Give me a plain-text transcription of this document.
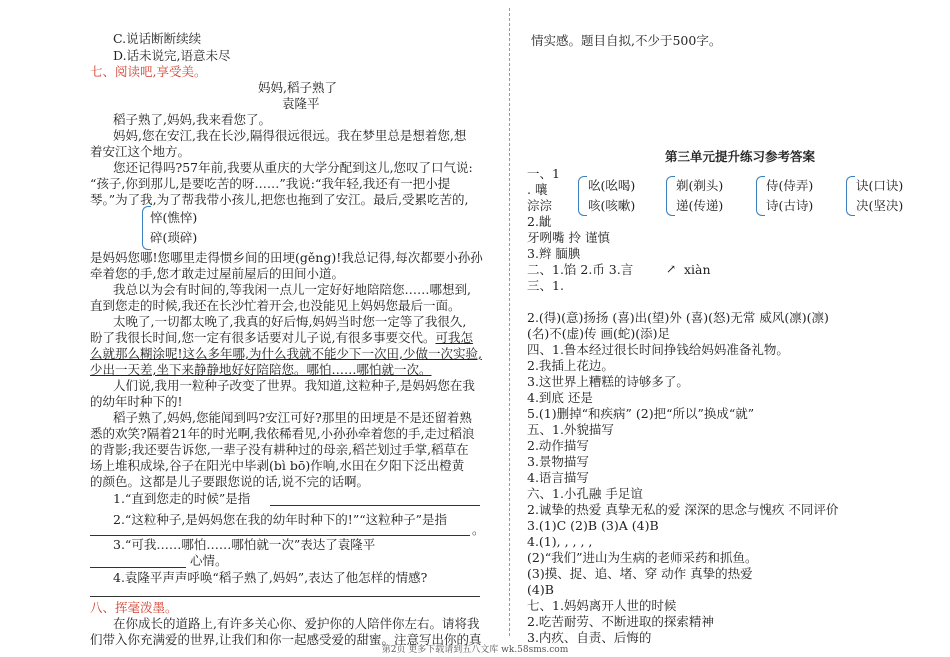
C.说话断断续续
D.话未说完,语意未尽
七、阅读吧,享受美。
妈妈,稻子熟了
袁隆平
稻子熟了,妈妈,我来看您了。
妈妈,您在安江,我在长沙,隔得很远很远。我在梦里总是想着您,想
着安江这个地方。
您还记得吗?57年前,我要从重庆的大学分配到这儿,您叹了口气说:
“孩子,你到那儿,是要吃苦的呀……”我说:“我年轻,我还有一把小提
琴。”为了我,为了帮我带小孩儿,把您也拖到了安江。最后,受累吃苦的,
悴(憔悴)
碎(琐碎)
是妈妈您哪!您哪里走得惯乡间的田埂(gěng)!我总记得,每次都要小孙孙
牵着您的手,您才敢走过屋前屋后的田间小道。
我总以为会有时间的,等我闲一点儿一定好好地陪陪您……哪想到,
直到您走的时候,我还在长沙忙着开会,也没能见上妈妈您最后一面。
太晚了,一切都太晚了,我真的好后悔,妈妈当时您一定等了我很久,
盼了我很长时间,您一定有很多话要对儿子说,有很多事要交代。可我怎
么就那么糊涂呢!这么多年哪,为什么我就不能少下一次田,少做一次实验,
少出一天差,坐下来静静地好好陪陪您。哪怕……哪怕就一次。
人们说,我用一粒种子改变了世界。我知道,这粒种子,是妈妈您在我
的幼年时种下的!
稻子熟了,妈妈,您能闻到吗?安江可好?那里的田埂是不是还留着熟
悉的欢笑?隔着21年的时光啊,我依稀看见,小孙孙牵着您的手,走过稻浪
的背影;我还要告诉您,一辈子没有耕种过的母亲,稻芒划过手掌,稻草在
场上堆积成垛,谷子在阳光中毕剥(bì bō)作响,水田在夕阳下泛出橙黄
的颜色。这都是儿子要跟您说的话,说不完的话啊。
1.“直到您走的时候”是指
2.“这粒种子,是妈妈您在我的幼年时种下的!”“这粒种子”是指
。
3.“可我……哪怕……哪怕就一次”表达了袁隆平
心情。
4.袁隆平声声呼唤“稻子熟了,妈妈”,表达了他怎样的情感?
八、挥毫泼墨。
在你成长的道路上,有许多关心你、爱护你的人陪伴你左右。请将我
们带入你充满爱的世界,让我们和你一起感受爱的甜蜜。注意写出你的真
情实感。题目自拟,不少于500字。
第三单元提升练习参考答案
一、1
. 嚷
淙淙
吆(吆喝)
咳(咳嗽)
剃(剃头)
递(传递)
侍(侍弄)
诗(古诗)
诀(口诀)
决(坚决)
2.龇
牙咧嘴 拎 谨慎
3.辫 腼腆
二、1.馅 2.币 3.言	↗ xiàn
三、1.
2.(得)(意)扬扬 (喜)出(望)外 (喜)(怒)无常 威风(凛)(凛)
(名)不(虚)传 画(蛇)(添)足
四、1.鲁本经过很长时间挣钱给妈妈准备礼物。
2.我插上花边。
3.这世界上糟糕的诗够多了。
4.到底 还是
5.(1)删掉“和疾病” (2)把“所以”换成“就”
五、1.外貌描写
2.动作描写
3.景物描写
4.语言描写
六、1.小孔融 手足谊
2.诚挚的热爱 真挚无私的爱 深深的思念与愧疚 不同评价
3.(1)C (2)B (3)A (4)B
4.(1), , , , ,
(2)“我们”进山为生病的老师采药和抓鱼。
(3)摸、捉、追、堵、穿 动作 真挚的热爱
(4)B
七、1.妈妈离开人世的时候
2.吃苦耐劳、不断进取的探索精神
3.内疚、自责、后悔的
第2页 更多下载请到五八文库 wk.58sms.com
